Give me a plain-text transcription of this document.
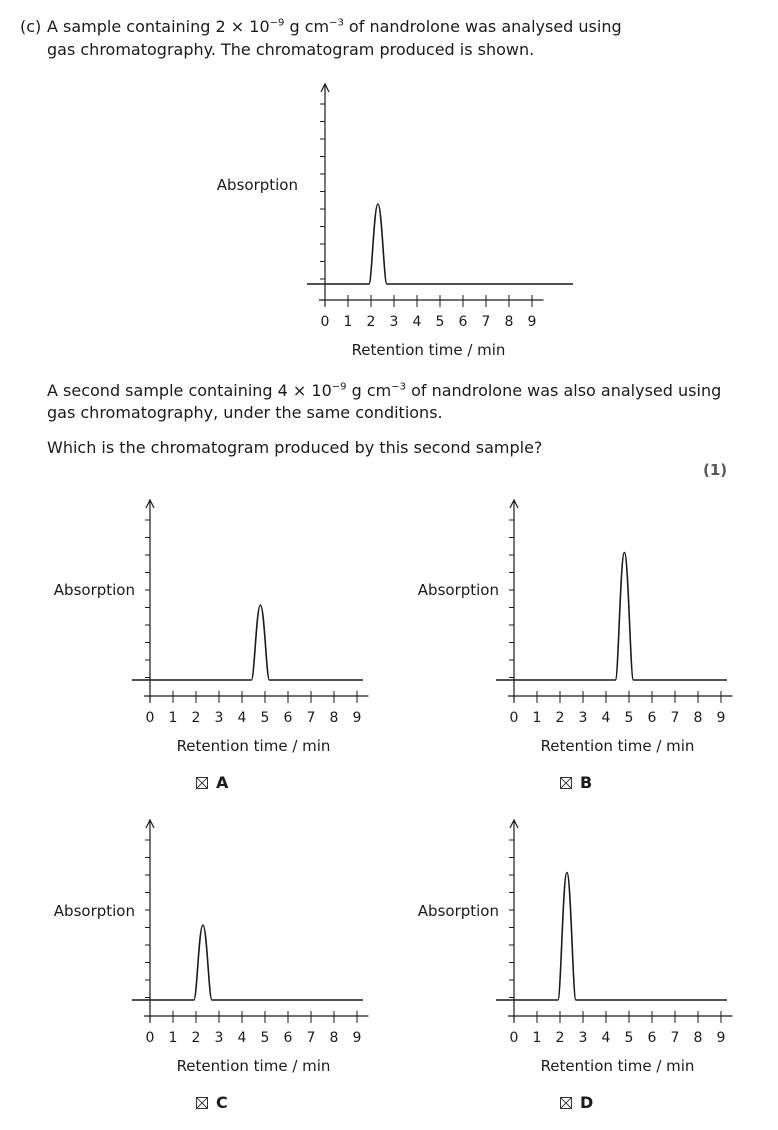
(c) A sample containing $2 \times 10^{-9}$ g $cm^{-3}$ of nandrolone was analysed using
gas chromatography. The chromatogram produced is shown.
0 1 2 3 4 5 6 7 8 9
Absorption
Retention time / min
A second sample containing $4 \times 10^{-9}$ g $cm^{-3}$ of nandrolone was also analysed using
gas chromatography, under the same conditions.
Which is the chromatogram produced by this second sample?
(1)
0 1 2 3 4 5 6 7 8 9
Absorption
Retention time / min
0 1 2 3 4 5 6 7 8 9
Absorption
Retention time / min
A	B
0 1 2 3 4 5 6 7 8 9
Absorption
Retention time / min
0 1 2 3 4 5 6 7 8 9
Absorption
Retention time / min
C	D
